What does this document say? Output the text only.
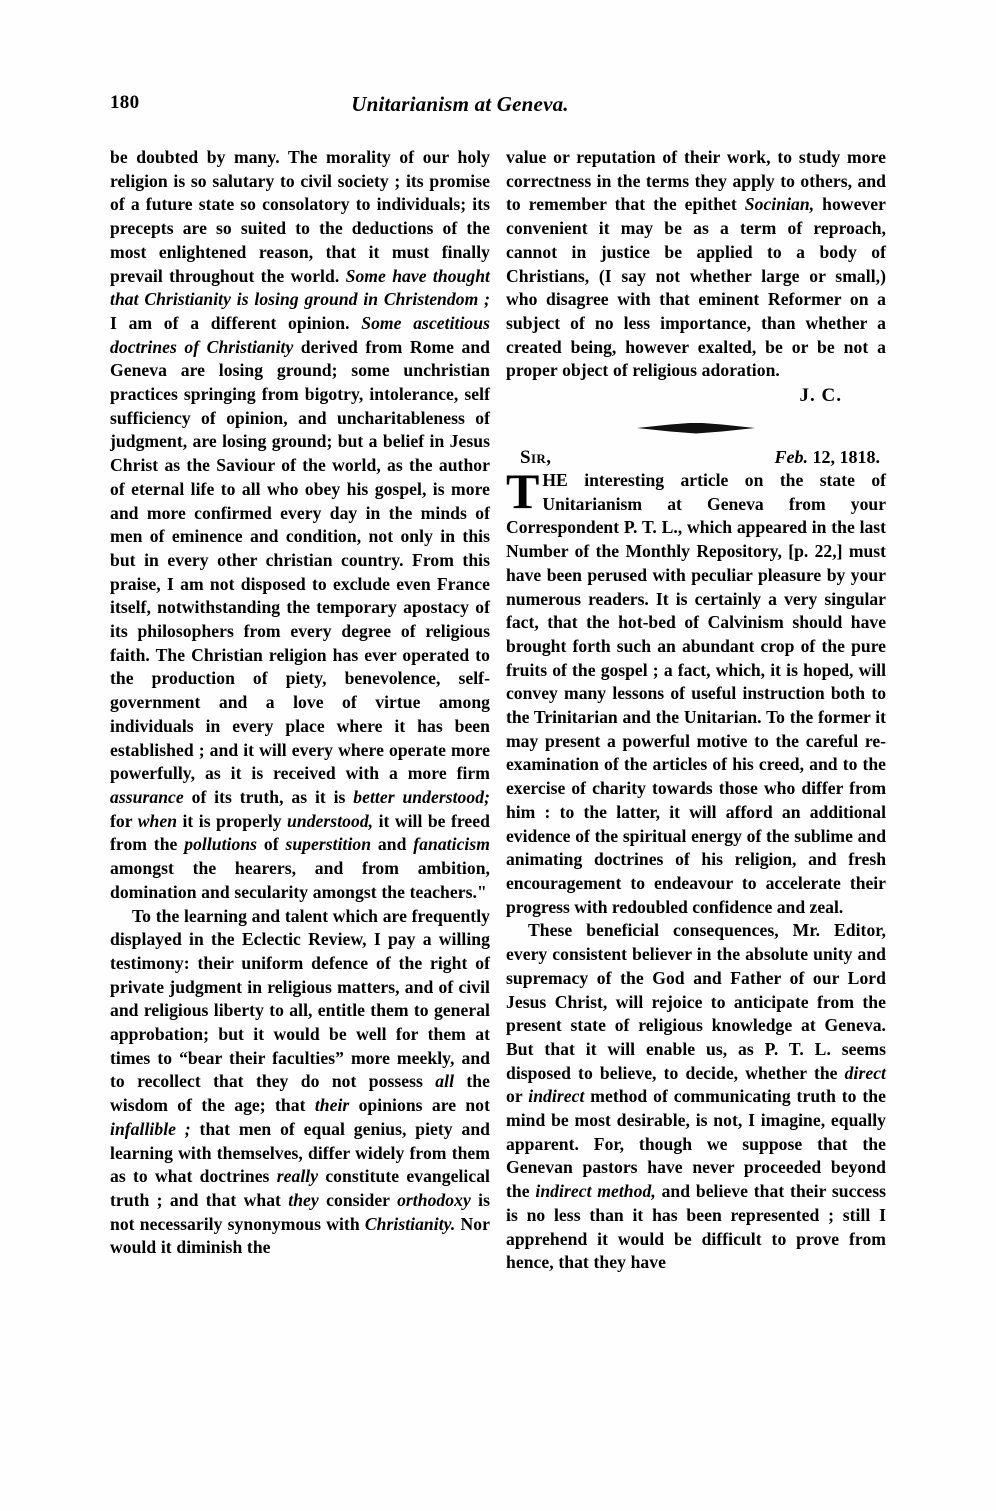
180	Unitarianism at Geneva.

be doubted by many. The morality of our holy religion is so salutary to civil society ; its promise of a future state so consolatory to individuals; its precepts are so suited to the deductions of the most enlightened reason, that it must finally prevail throughout the world. Some have thought that Christianity is losing ground in Christendom ; I am of a different opinion. Some ascetitious doctrines of Christianity derived from Rome and Geneva are losing ground; some unchristian practices springing from bigotry, intolerance, self sufficiency of opinion, and uncharitableness of judgment, are losing ground; but a belief in Jesus Christ as the Saviour of the world, as the author of eternal life to all who obey his gospel, is more and more confirmed every day in the minds of men of eminence and condition, not only in this but in every other christian country. From this praise, I am not disposed to exclude even France itself, notwithstanding the temporary apostacy of its philosophers from every degree of religious faith. The Christian religion has ever operated to the production of piety, benevolence, self-government and a love of virtue among individuals in every place where it has been established ; and it will every where operate more powerfully, as it is received with a more firm assurance of its truth, as it is better understood; for when it is properly understood, it will be freed from the pollutions of superstition and fanaticism amongst the hearers, and from ambition, domination and secularity amongst the teachers."

To the learning and talent which are frequently displayed in the Eclectic Review, I pay a willing testimony: their uniform defence of the right of private judgment in religious matters, and of civil and religious liberty to all, entitle them to general approbation; but it would be well for them at times to “bear their faculties” more meekly, and to recollect that they do not possess all the wisdom of the age; that their opinions are not infallible ; that men of equal genius, piety and learning with themselves, differ widely from them as to what doctrines really constitute evangelical truth ; and that what they consider orthodoxy is not necessarily synonymous with Christianity. Nor would it diminish the

value or reputation of their work, to study more correctness in the terms they apply to others, and to remember that the epithet Socinian, however convenient it may be as a term of reproach, cannot in justice be applied to a body of Christians, (I say not whether large or small,) who disagree with that eminent Reformer on a subject of no less importance, than whether a created being, however exalted, be or be not a proper object of religious adoration.

J. C.
Sir,	Feb. 12, 1818.
THE interesting article on the state of Unitarianism at Geneva from your Correspondent P. T. L., which appeared in the last Number of the Monthly Repository, [p. 22,] must have been perused with peculiar pleasure by your numerous readers. It is certainly a very singular fact, that the hot-bed of Calvinism should have brought forth such an abundant crop of the pure fruits of the gospel ; a fact, which, it is hoped, will convey many lessons of useful instruction both to the Trinitarian and the Unitarian. To the former it may present a powerful motive to the careful re-examination of the articles of his creed, and to the exercise of charity towards those who differ from him : to the latter, it will afford an additional evidence of the spiritual energy of the sublime and animating doctrines of his religion, and fresh encouragement to endeavour to accelerate their progress with redoubled confidence and zeal.

These beneficial consequences, Mr. Editor, every consistent believer in the absolute unity and supremacy of the God and Father of our Lord Jesus Christ, will rejoice to anticipate from the present state of religious knowledge at Geneva. But that it will enable us, as P. T. L. seems disposed to believe, to decide, whether the direct or indirect method of communicating truth to the mind be most desirable, is not, I imagine, equally apparent. For, though we suppose that the Genevan pastors have never proceeded beyond the indirect method, and believe that their success is no less than it has been represented ; still I apprehend it would be difficult to prove from hence, that they have
